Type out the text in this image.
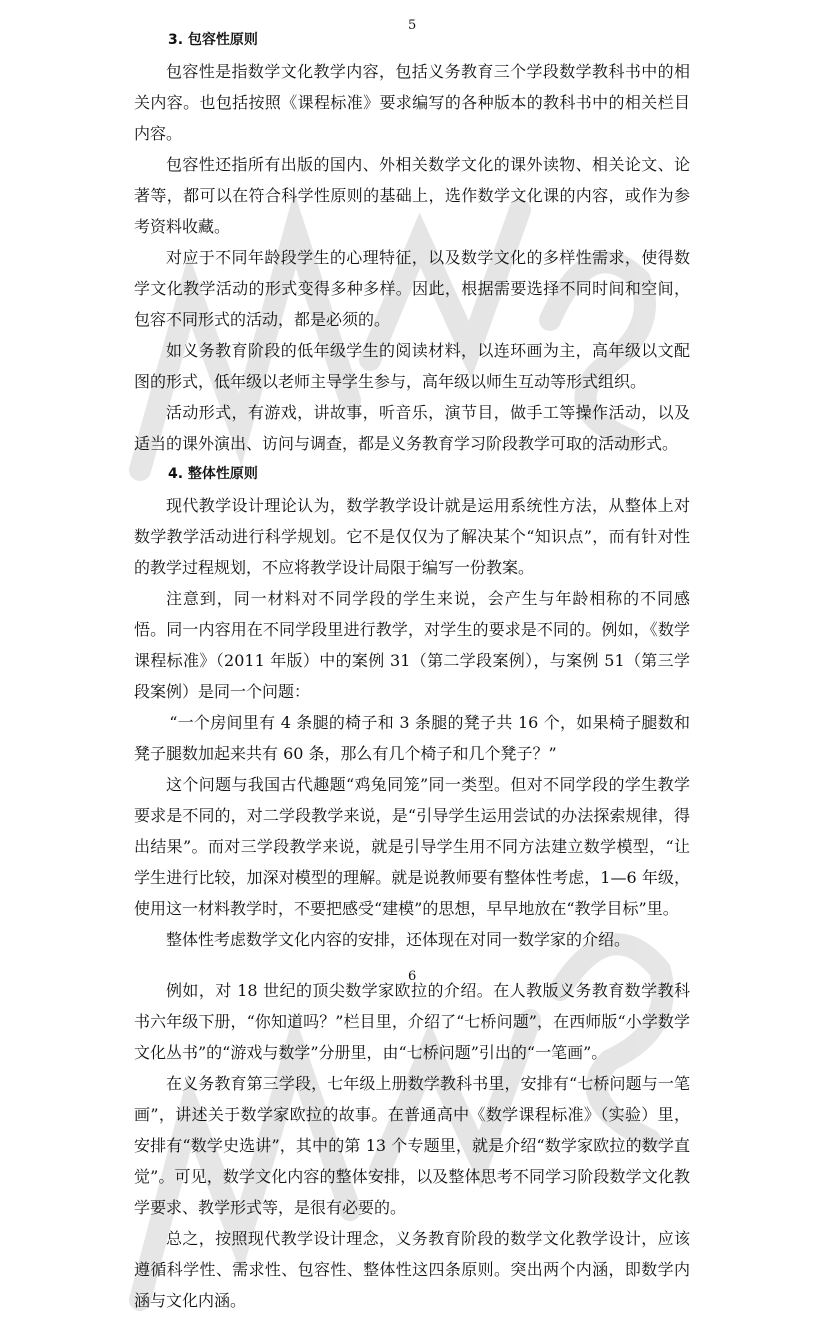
5
3. 包容性原则

包容性是指数学文化教学内容，包括义务教育三个学段数学教科书中的相关内容。也包括按照《课程标准》要求编写的各种版本的教科书中的相关栏目内容。

包容性还指所有出版的国内、外相关数学文化的课外读物、相关论文、论著等，都可以在符合科学性原则的基础上，选作数学文化课的内容，或作为参考资料收藏。

对应于不同年龄段学生的心理特征，以及数学文化的多样性需求，使得数学文化教学活动的形式变得多种多样。因此，根据需要选择不同时间和空间，包容不同形式的活动，都是必须的。

如义务教育阶段的低年级学生的阅读材料，以连环画为主，高年级以文配图的形式，低年级以老师主导学生参与，高年级以师生互动等形式组织。

活动形式，有游戏，讲故事，听音乐，演节目，做手工等操作活动，以及适当的课外演出、访问与调查，都是义务教育学习阶段教学可取的活动形式。

4. 整体性原则

现代教学设计理论认为，数学教学设计就是运用系统性方法，从整体上对数学教学活动进行科学规划。它不是仅仅为了解决某个“知识点”，而有针对性的教学过程规划，不应将教学设计局限于编写一份教案。

注意到，同一材料对不同学段的学生来说，会产生与年龄相称的不同感悟。同一内容用在不同学段里进行教学，对学生的要求是不同的。例如，《数学课程标准》（2011 年版）中的案例 31（第二学段案例），与案例 51（第三学段案例）是同一个问题：

“一个房间里有 4 条腿的椅子和 3 条腿的凳子共 16 个，如果椅子腿数和凳子腿数加起来共有 60 条，那么有几个椅子和几个凳子？”

这个问题与我国古代趣题“鸡兔同笼”同一类型。但对不同学段的学生教学要求是不同的，对二学段教学来说，是“引导学生运用尝试的办法探索规律，得出结果”。而对三学段教学来说，就是引导学生用不同方法建立数学模型，“让学生进行比较，加深对模型的理解。就是说教师要有整体性考虑，1—6 年级，使用这一材料教学时，不要把感受“建模”的思想，早早地放在“教学目标”里。

整体性考虑数学文化内容的安排，还体现在对同一数学家的介绍。

6

例如，对 18 世纪的顶尖数学家欧拉的介绍。在人教版义务教育数学教科书六年级下册，“你知道吗？”栏目里，介绍了“七桥问题”，在西师版“小学数学文化丛书”的“游戏与数学”分册里，由“七桥问题”引出的“一笔画”。

在义务教育第三学段，七年级上册数学教科书里，安排有“七桥问题与一笔画”，讲述关于数学家欧拉的故事。在普通高中《数学课程标准》（实验）里，安排有“数学史选讲”，其中的第 13 个专题里，就是介绍“数学家欧拉的数学直觉”。可见，数学文化内容的整体安排，以及整体思考不同学习阶段数学文化教学要求、教学形式等，是很有必要的。

总之，按照现代教学设计理念，义务教育阶段的数学文化教学设计，应该遵循科学性、需求性、包容性、整体性这四条原则。突出两个内涵，即数学内涵与文化内涵。
